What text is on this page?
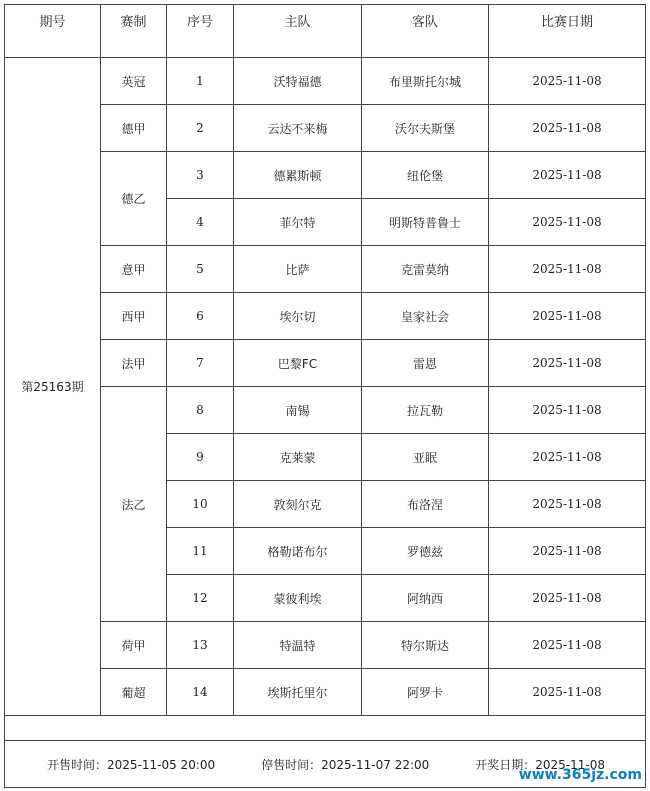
期号	赛制	序号	主队	客队	比赛日期
第25163期	英冠	1	沃特福德	布里斯托尔城	2025-11-08
	德甲	2	云达不来梅	沃尔夫斯堡	2025-11-08
	德乙	3	德累斯顿	纽伦堡	2025-11-08
		4	菲尔特	明斯特普鲁士	2025-11-08
	意甲	5	比萨	克雷莫纳	2025-11-08
	西甲	6	埃尔切	皇家社会	2025-11-08
	法甲	7	巴黎FC	雷恩	2025-11-08
	法乙	8	南锡	拉瓦勒	2025-11-08
		9	克莱蒙	亚眠	2025-11-08
		10	敦刻尔克	布洛涅	2025-11-08
		11	格勒诺布尔	罗德兹	2025-11-08
		12	蒙彼利埃	阿纳西	2025-11-08
	荷甲	13	特温特	特尔斯达	2025-11-08
	葡超	14	埃斯托里尔	阿罗卡	2025-11-08

开售时间：2025-11-05 20:00 停售时间：2025-11-07 22:00 开奖日期：2025-11-08					
www.365jz.com
